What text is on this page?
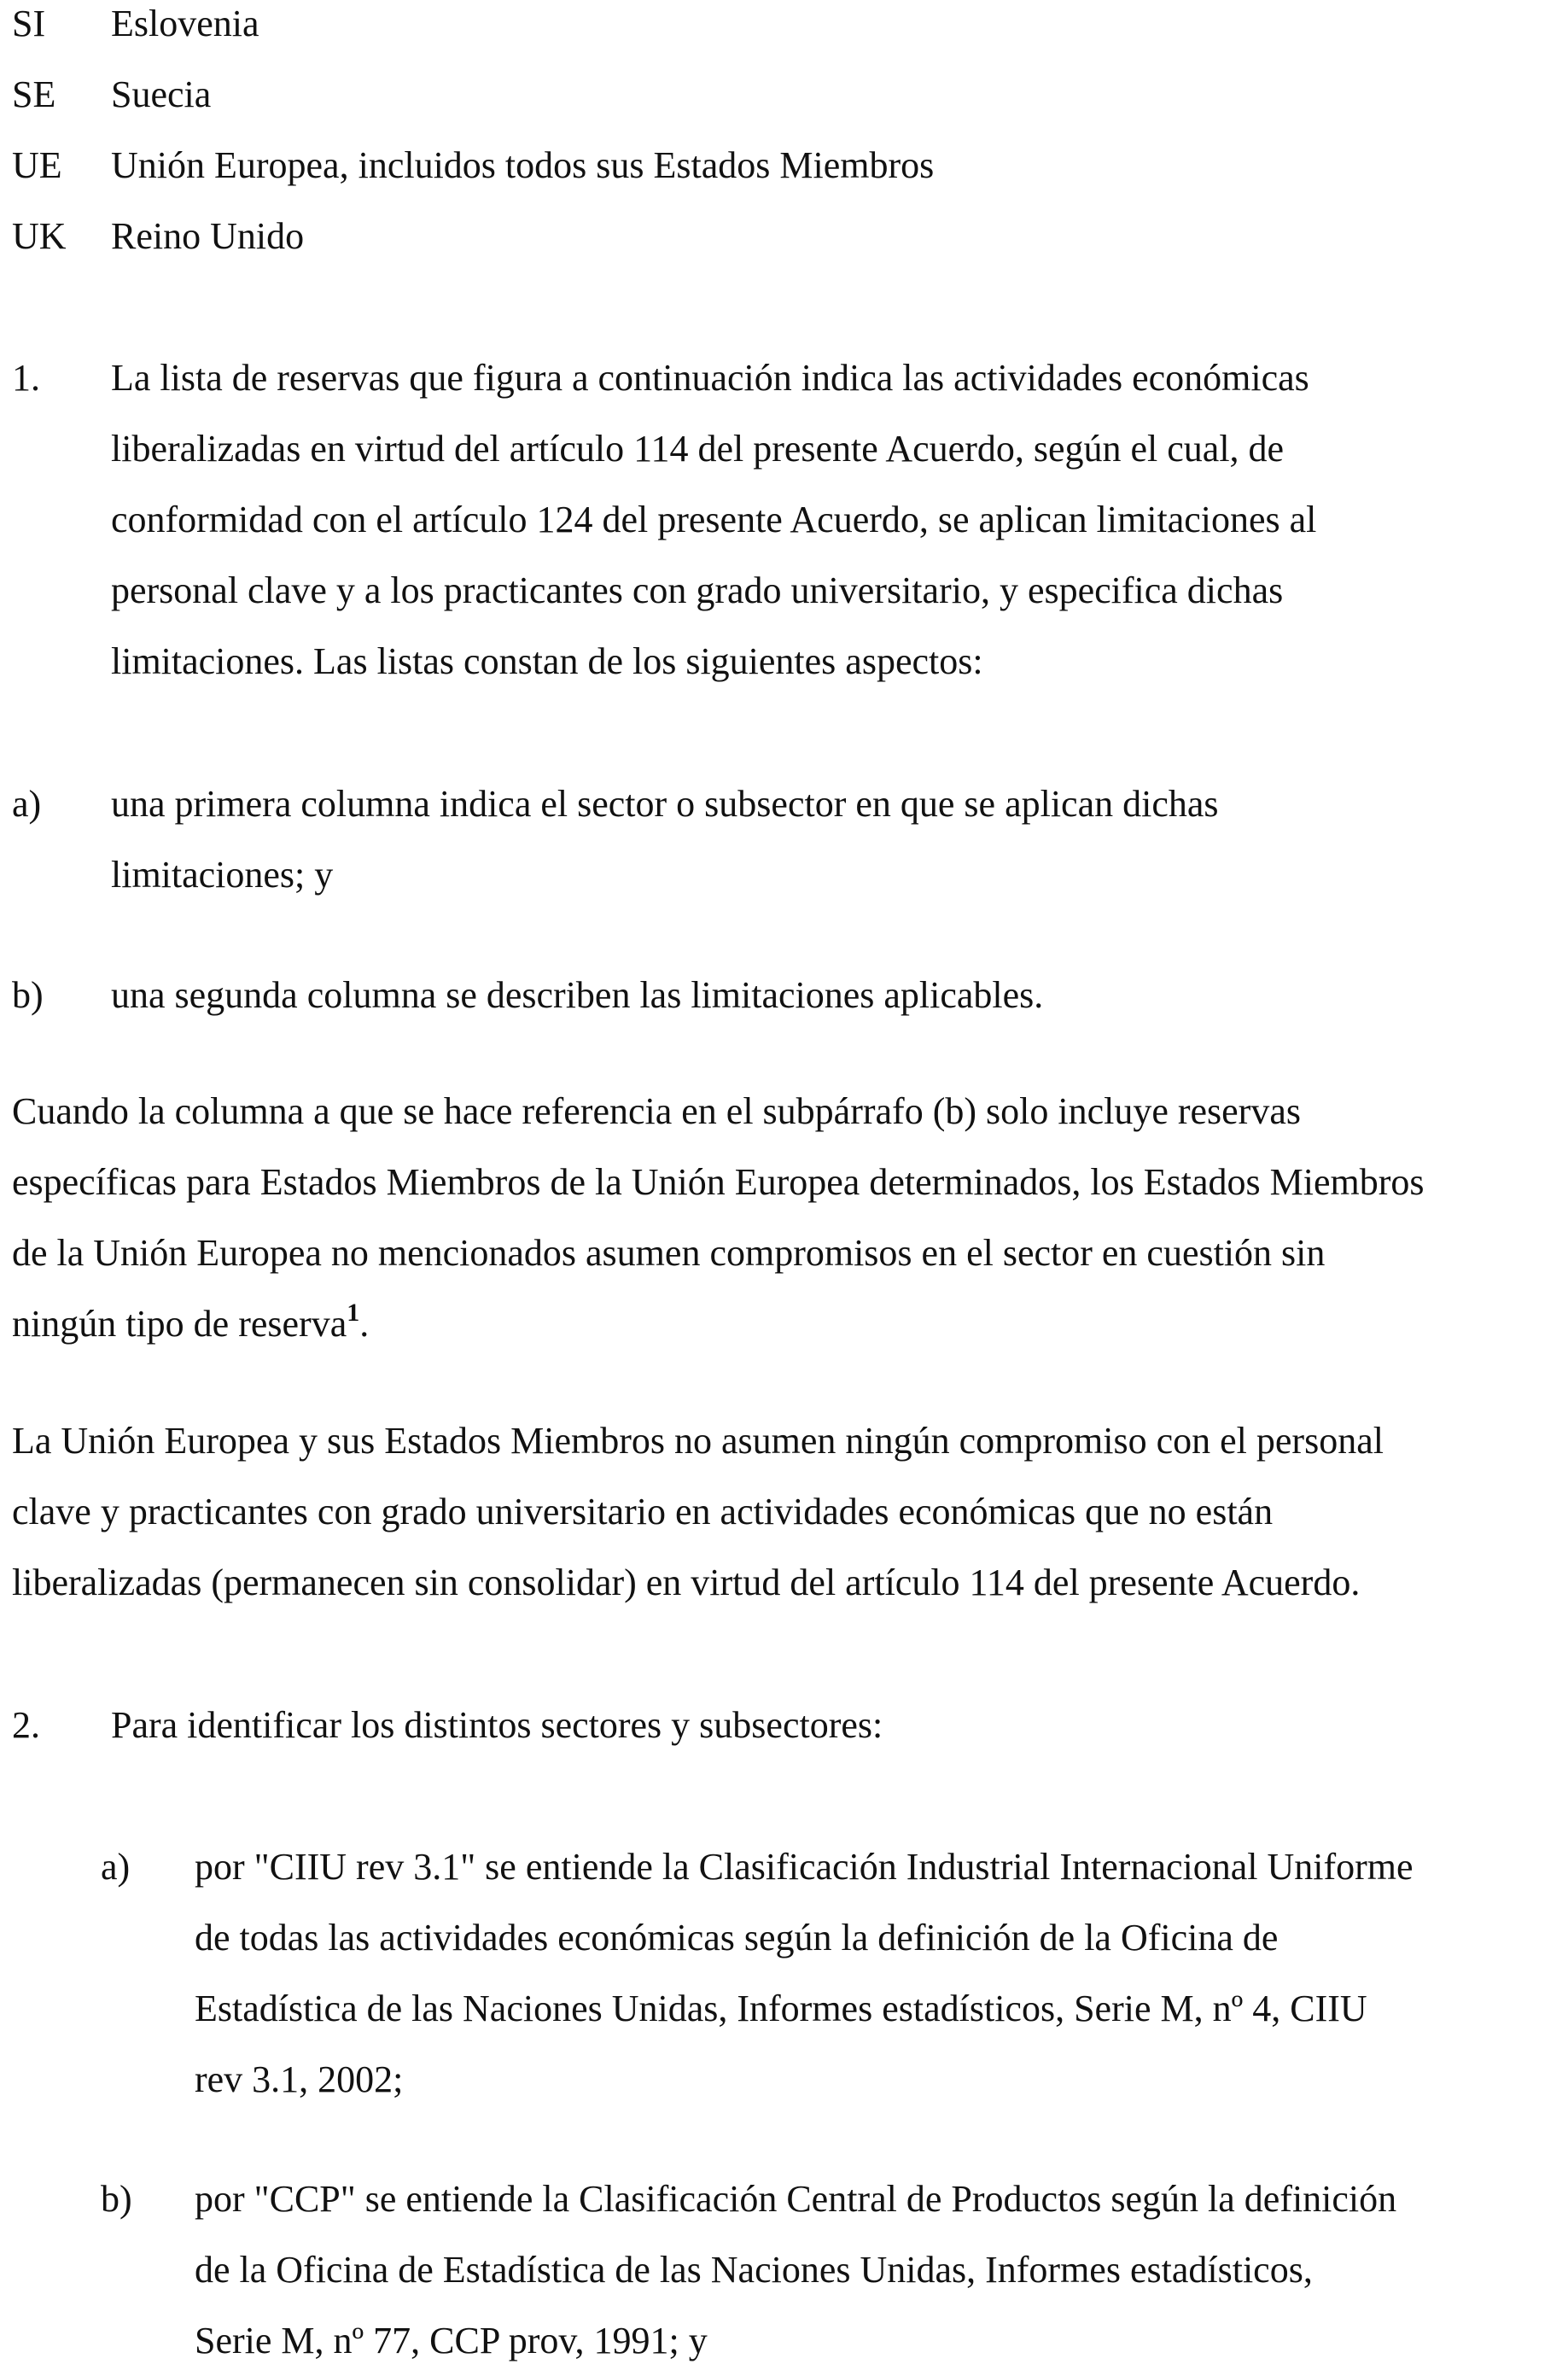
SI	Eslovenia
SE	Suecia
UE	Unión Europea, incluidos todos sus Estados Miembros
UK	Reino Unido
1.	La lista de reservas que figura a continuación indica las actividades económicas
liberalizadas en virtud del artículo 114 del presente Acuerdo, según el cual, de
conformidad con el artículo 124 del presente Acuerdo, se aplican limitaciones al
personal clave y a los practicantes con grado universitario, y especifica dichas
limitaciones. Las listas constan de los siguientes aspectos:
a)	una primera columna indica el sector o subsector en que se aplican dichas
limitaciones; y
b)	una segunda columna se describen las limitaciones aplicables.
Cuando la columna a que se hace referencia en el subpárrafo (b) solo incluye reservas
específicas para Estados Miembros de la Unión Europea determinados, los Estados Miembros
de la Unión Europea no mencionados asumen compromisos en el sector en cuestión sin
ningún tipo de reserva$^1$.
La Unión Europea y sus Estados Miembros no asumen ningún compromiso con el personal
clave y practicantes con grado universitario en actividades económicas que no están
liberalizadas (permanecen sin consolidar) en virtud del artículo 114 del presente Acuerdo.
2.	Para identificar los distintos sectores y subsectores:
a)	por "CIIU rev 3.1" se entiende la Clasificación Industrial Internacional Uniforme
de todas las actividades económicas según la definición de la Oficina de
Estadística de las Naciones Unidas, Informes estadísticos, Serie M, nº 4, CIIU
rev 3.1, 2002;
b)	por "CCP" se entiende la Clasificación Central de Productos según la definición
de la Oficina de Estadística de las Naciones Unidas, Informes estadísticos,
Serie M, nº 77, CCP prov, 1991; y
